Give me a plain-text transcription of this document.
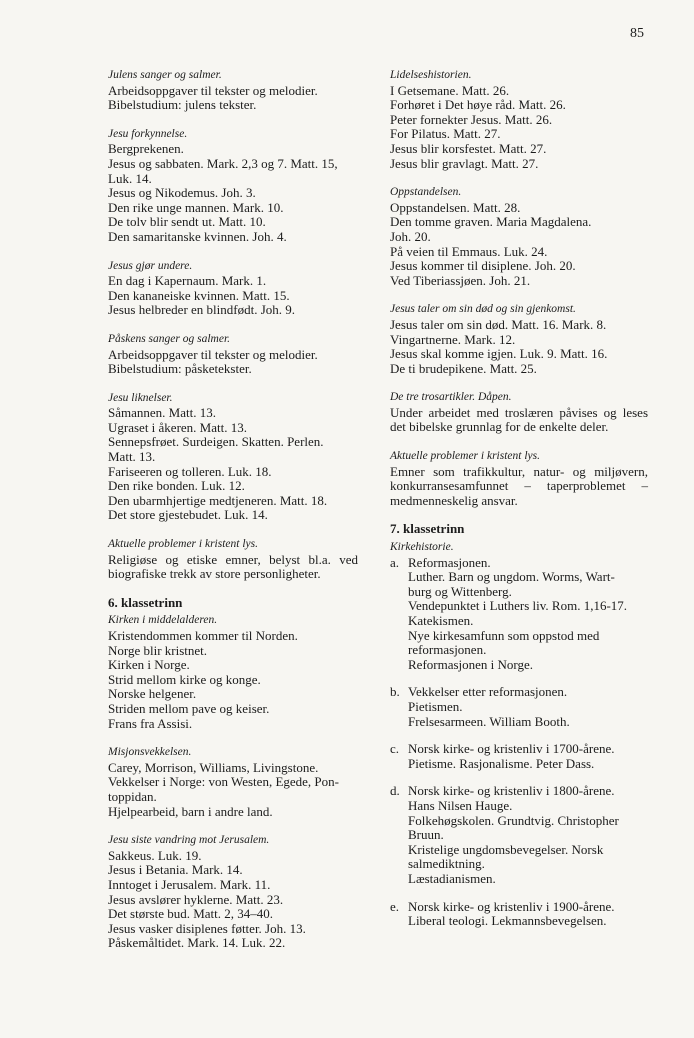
85
Julens sanger og salmer.
Arbeidsoppgaver til tekster og melodier.
Bibelstudium: julens tekster.
Jesu forkynnelse.
Bergprekenen.
Jesus og sabbaten. Mark. 2,3 og 7. Matt. 15,
Luk. 14.
Jesus og Nikodemus. Joh. 3.
Den rike unge mannen. Mark. 10.
De tolv blir sendt ut. Matt. 10.
Den samaritanske kvinnen. Joh. 4.
Jesus gjør undere.
En dag i Kapernaum. Mark. 1.
Den kananeiske kvinnen. Matt. 15.
Jesus helbreder en blindfødt. Joh. 9.
Påskens sanger og salmer.
Arbeidsoppgaver til tekster og melodier.
Bibelstudium: påsketekster.
Jesu liknelser.
Såmannen. Matt. 13.
Ugraset i åkeren. Matt. 13.
Sennepsfrøet. Surdeigen. Skatten. Perlen.
Matt. 13.
Fariseeren og tolleren. Luk. 18.
Den rike bonden. Luk. 12.
Den ubarmhjertige medtjeneren. Matt. 18.
Det store gjestebudet. Luk. 14.
Aktuelle problemer i kristent lys.
Religiøse og etiske emner, belyst bl.a. ved biografiske trekk av store personligheter.
6. klassetrinn
Kirken i middelalderen.
Kristendommen kommer til Norden.
Norge blir kristnet.
Kirken i Norge.
Strid mellom kirke og konge.
Norske helgener.
Striden mellom pave og keiser.
Frans fra Assisi.
Misjonsvekkelsen.
Carey, Morrison, Williams, Livingstone.
Vekkelser i Norge: von Westen, Egede, Pon-
toppidan.
Hjelpearbeid, barn i andre land.
Jesu siste vandring mot Jerusalem.
Sakkeus. Luk. 19.
Jesus i Betania. Mark. 14.
Inntoget i Jerusalem. Mark. 11.
Jesus avslører hyklerne. Matt. 23.
Det største bud. Matt. 2, 34–40.
Jesus vasker disiplenes føtter. Joh. 13.
Påskemåltidet. Mark. 14. Luk. 22.
Lidelseshistorien.
I Getsemane. Matt. 26.
Forhøret i Det høye råd. Matt. 26.
Peter fornekter Jesus. Matt. 26.
For Pilatus. Matt. 27.
Jesus blir korsfestet. Matt. 27.
Jesus blir gravlagt. Matt. 27.
Oppstandelsen.
Oppstandelsen. Matt. 28.
Den tomme graven. Maria Magdalena.
Joh. 20.
På veien til Emmaus. Luk. 24.
Jesus kommer til disiplene. Joh. 20.
Ved Tiberiassjøen. Joh. 21.
Jesus taler om sin død og sin gjenkomst.
Jesus taler om sin død. Matt. 16. Mark. 8.
Vingartnerne. Mark. 12.
Jesus skal komme igjen. Luk. 9. Matt. 16.
De ti brudepikene. Matt. 25.
De tre trosartikler. Dåpen.
Under arbeidet med troslæren påvises og leses det bibelske grunnlag for de enkelte deler.
Aktuelle problemer i kristent lys.
Emner som trafikkultur, natur- og miljøvern, konkurransesamfunnet – taperproblemet – medmenneskelig ansvar.
7. klassetrinn
Kirkehistorie.
a. Reformasjonen.
Luther. Barn og ungdom. Worms, Wart-
burg og Wittenberg.
Vendepunktet i Luthers liv. Rom. 1,16-17.
Katekismen.
Nye kirkesamfunn som oppstod med
reformasjonen.
Reformasjonen i Norge.
b. Vekkelser etter reformasjonen.
Pietismen.
Frelsesarmeen. William Booth.
c. Norsk kirke- og kristenliv i 1700-årene.
Pietisme. Rasjonalisme. Peter Dass.
d. Norsk kirke- og kristenliv i 1800-årene.
Hans Nilsen Hauge.
Folkehøgskolen. Grundtvig. Christopher
Bruun.
Kristelige ungdomsbevegelser. Norsk
salmediktning.
Læstadianismen.
e. Norsk kirke- og kristenliv i 1900-årene.
Liberal teologi. Lekmannsbevegelsen.
